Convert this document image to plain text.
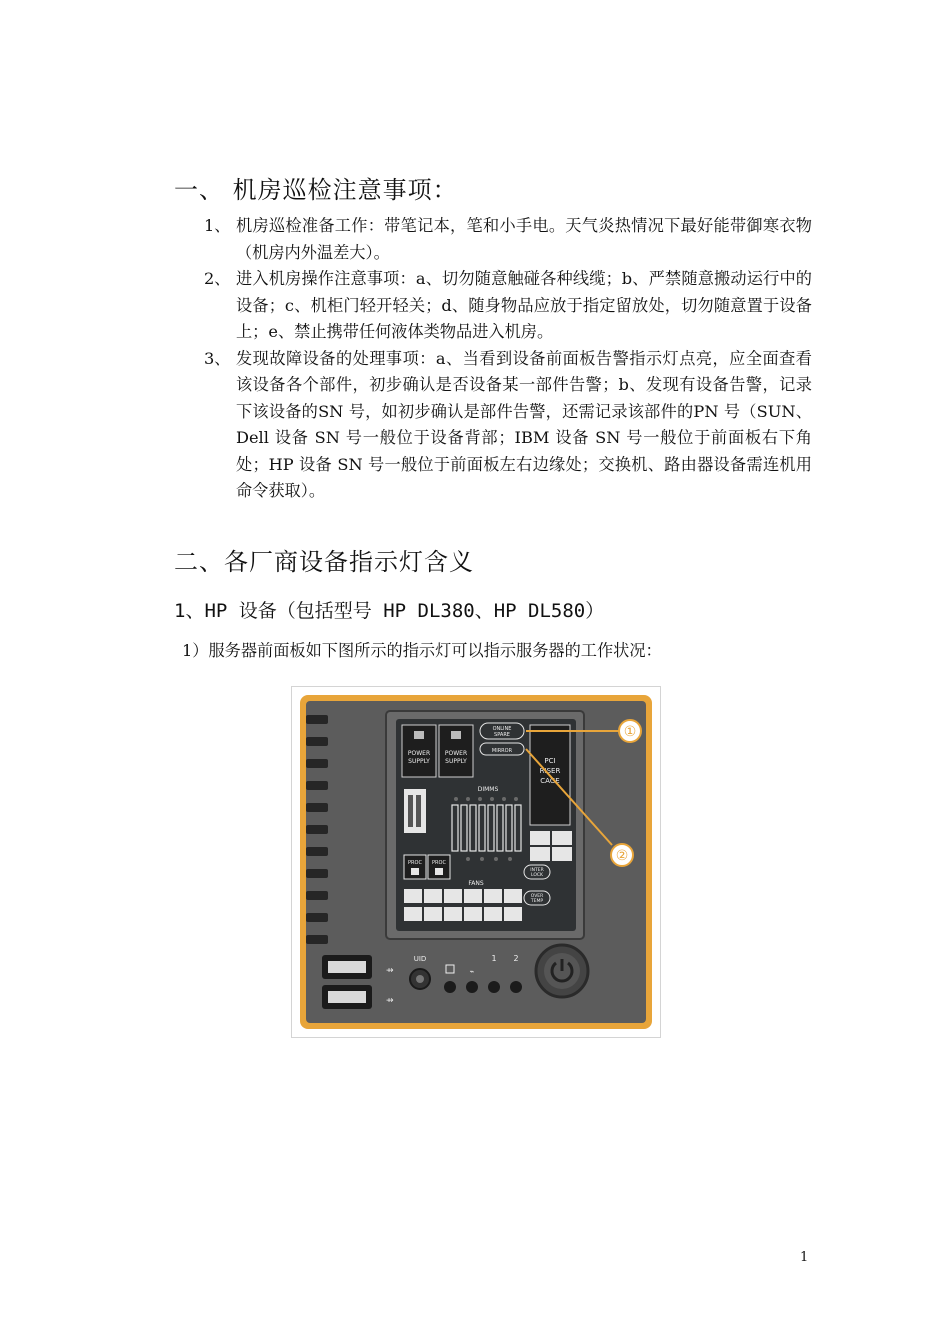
一、 机房巡检注意事项：
1、 机房巡检准备工作：带笔记本，笔和小手电。天气炎热情况下最好能带御寒衣物（机房内外温差大）。
2、 进入机房操作注意事项：a、切勿随意触碰各种线缆；b、严禁随意搬动运行中的设备；c、机柜门轻开轻关；d、随身物品应放于指定留放处，切勿随意置于设备上；e、禁止携带任何液体类物品进入机房。
3、 发现故障设备的处理事项：a、当看到设备前面板告警指示灯点亮，应全面查看该设备各个部件，初步确认是否设备某一部件告警；b、发现有设备告警，记录下该设备的SN 号，如初步确认是部件告警，还需记录该部件的PN 号（SUN、Dell 设备 SN 号一般位于设备背部；IBM 设备 SN 号一般位于前面板右下角处；HP 设备 SN 号一般位于前面板左右边缘处；交换机、路由器设备需连机用命令获取）。
二、各厂商设备指示灯含义
1、HP 设备（包括型号 HP DL380、HP DL580）
1）服务器前面板如下图所示的指示灯可以指示服务器的工作状况：
POWER
SUPPLY
POWER
SUPPLY
ONLINE
SPARE
MIRROR
PCI
RISER
CAGE
DIMMS
PROC PROC
INTER
LOCK
OVER
TEMP
FANS
①
②
⇸
⇸
UID
⌁
1 2
1
